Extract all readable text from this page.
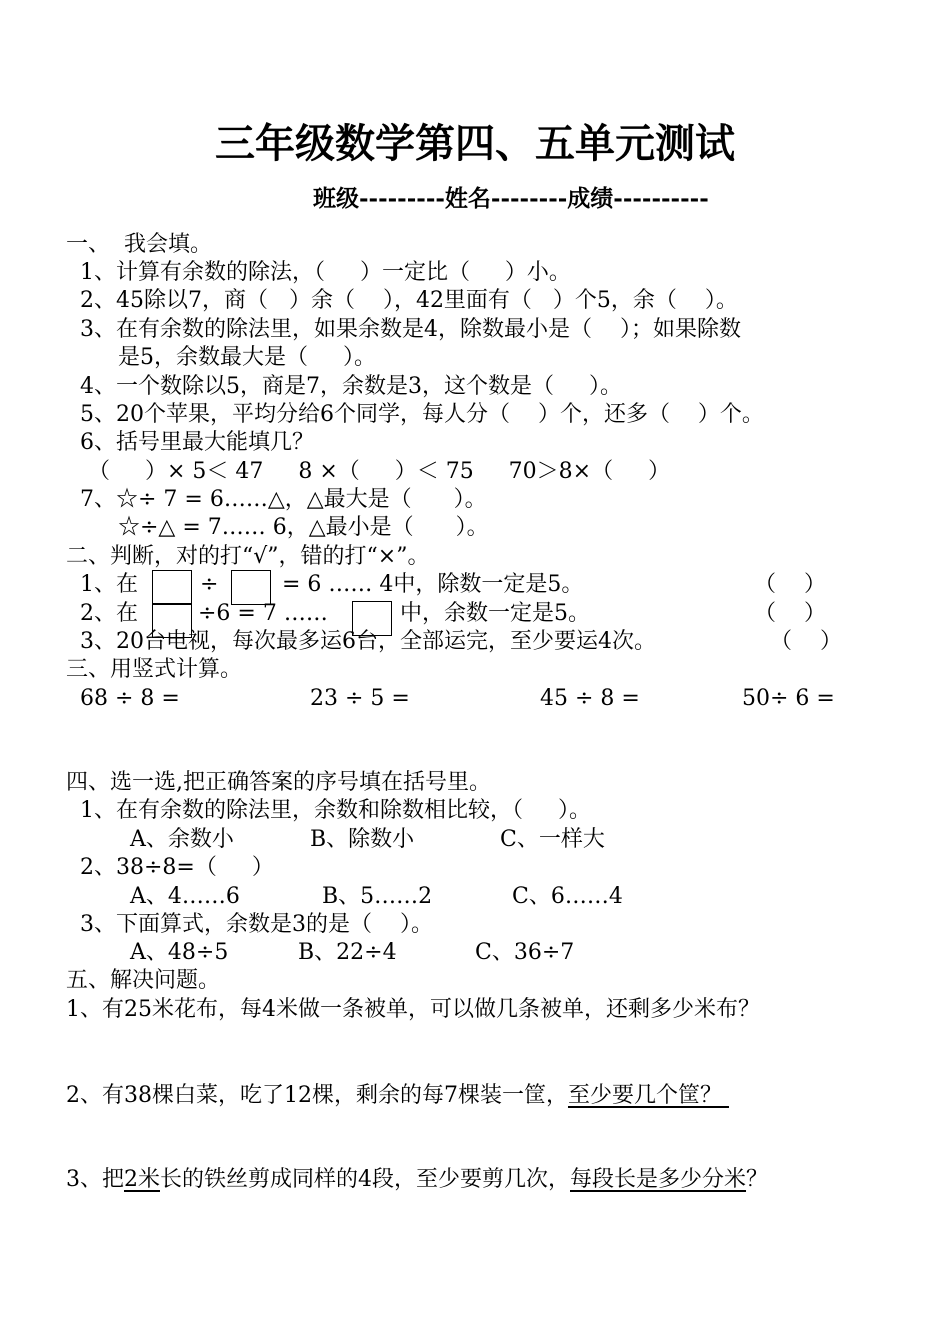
三年级数学第四、五单元测试
班级---------姓名--------成绩----------
一、  我会填。
1、计算有余数的除法，（     ）一定比（     ）小。
2、45除以7，商（   ）余（    ），42里面有（   ）个5，余（    ）。
3、在有余数的除法里，如果余数是4，除数最小是（    ）；如果除数
是5，余数最大是（     ）。
4、一个数除以5，商是7，余数是3，这个数是（     ）。
5、20个苹果，平均分给6个同学，每人分（    ）个，还多（    ）个。
6、括号里最大能填几？
（     ）× 5＜ 47     8 ×（     ）＜ 75     70＞8×（     ）
7、☆÷ 7 = 6……△，△最大是（      ）。
☆÷△ = 7…… 6，△最小是（      ）。
二、判断，对的打“√”，错的打“×”。
1、在	÷	= 6 …… 4中，除数一定是5。	（    ）
2、在	÷6 = 7 ……	中，余数一定是5。	（    ）
3、20台电视，每次最多运6台，全部运完，至少要运4次。	（    ）
三、用竖式计算。
68 ÷ 8 =	23 ÷ 5 =	45 ÷ 8 =	50÷ 6 =
四、选一选,把正确答案的序号填在括号里。
1、在有余数的除法里，余数和除数相比较，（     ）。
A、余数小	B、除数小	C、一样大
2、38÷8=（     ）
A、4……6	B、5……2	C、6……4
3、下面算式，余数是3的是（    ）。
A、48÷5	B、22÷4	C、36÷7
五、解决问题。
1、有25米花布，每4米做一条被单，可以做几条被单，还剩多少米布？
2、有38棵白菜，吃了12棵，剩余的每7棵装一筐，至少要几个筐？
3、把2米长的铁丝剪成同样的4段，至少要剪几次，每段长是多少分米？
